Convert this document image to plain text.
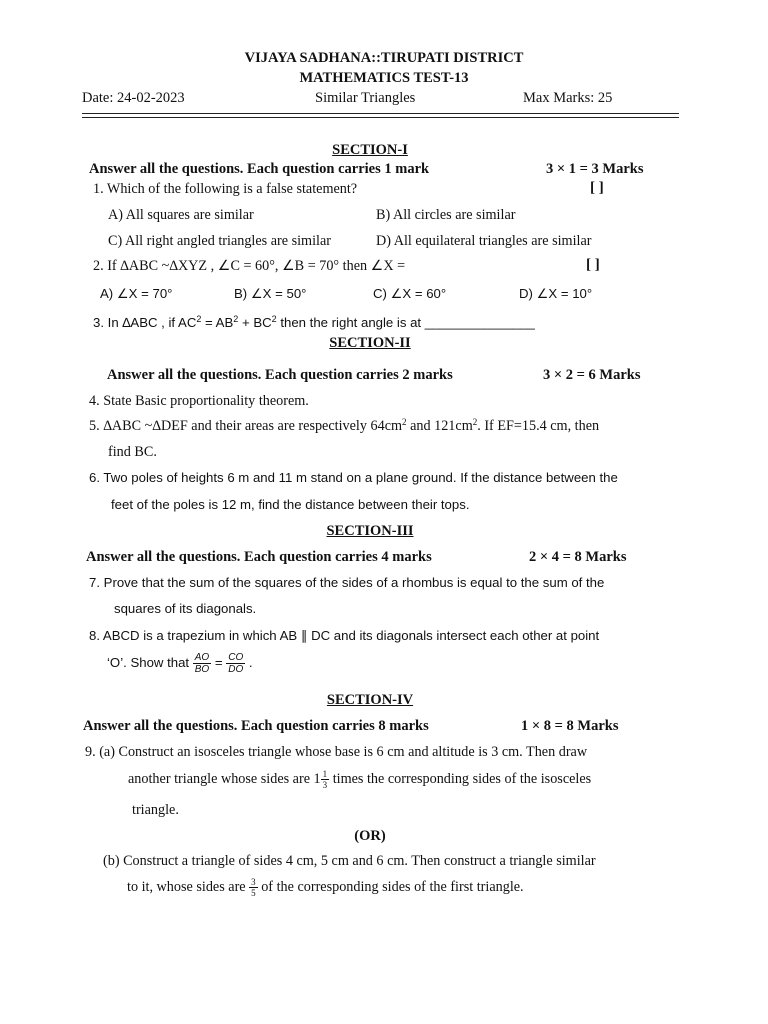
VIJAYA SADHANA::TIRUPATI DISTRICT
MATHEMATICS TEST-13
Date: 24-02-2023	Similar Triangles	Max Marks: 25
SECTION-I
Answer all the questions. Each question carries 1 mark	3 × 1 = 3 Marks
1. Which of the following is a false statement?	[ ]
A) All squares are similar	B) All circles are similar
C) All right angled triangles are similar	D) All equilateral triangles are similar
2. If ∆ABC ~∆XYZ , ∠C = 60°, ∠B = 70° then ∠X =	[ ]
A) ∠X = 70°	B) ∠X = 50°	C) ∠X = 60°	D) ∠X = 10°
3. In ∆ABC , if $AC^2 = AB^2 + BC^2$ then the right angle is at _______________
SECTION-II
Answer all the questions. Each question carries 2 marks	3 × 2 = 6 Marks
4. State Basic proportionality theorem.
5. ∆ABC ~∆DEF and their areas are respectively $64cm^2$ and $121cm^2$. If EF=15.4 cm, then
find BC.
6. Two poles of heights 6 m and 11 m stand on a plane ground. If the distance between the
feet of the poles is 12 m, find the distance between their tops.
SECTION-III
Answer all the questions. Each question carries 4 marks	2 × 4 = 8 Marks
7. Prove that the sum of the squares of the sides of a rhombus is equal to the sum of the
squares of its diagonals.
8. ABCD is a trapezium in which AB ∥ DC and its diagonals intersect each other at point
‘O’. Show that $\frac{AO}{BO} = \frac{CO}{DO}$ .
SECTION-IV
Answer all the questions. Each question carries 8 marks	1 × 8 = 8 Marks
9. (a) Construct an isosceles triangle whose base is 6 cm and altitude is 3 cm. Then draw
another triangle whose sides are $1 \frac{1}{3}$ times the corresponding sides of the isosceles
triangle.
(OR)
(b) Construct a triangle of sides 4 cm, 5 cm and 6 cm. Then construct a triangle similar
to it, whose sides are $\frac{3}{5}$ of the corresponding sides of the first triangle.
